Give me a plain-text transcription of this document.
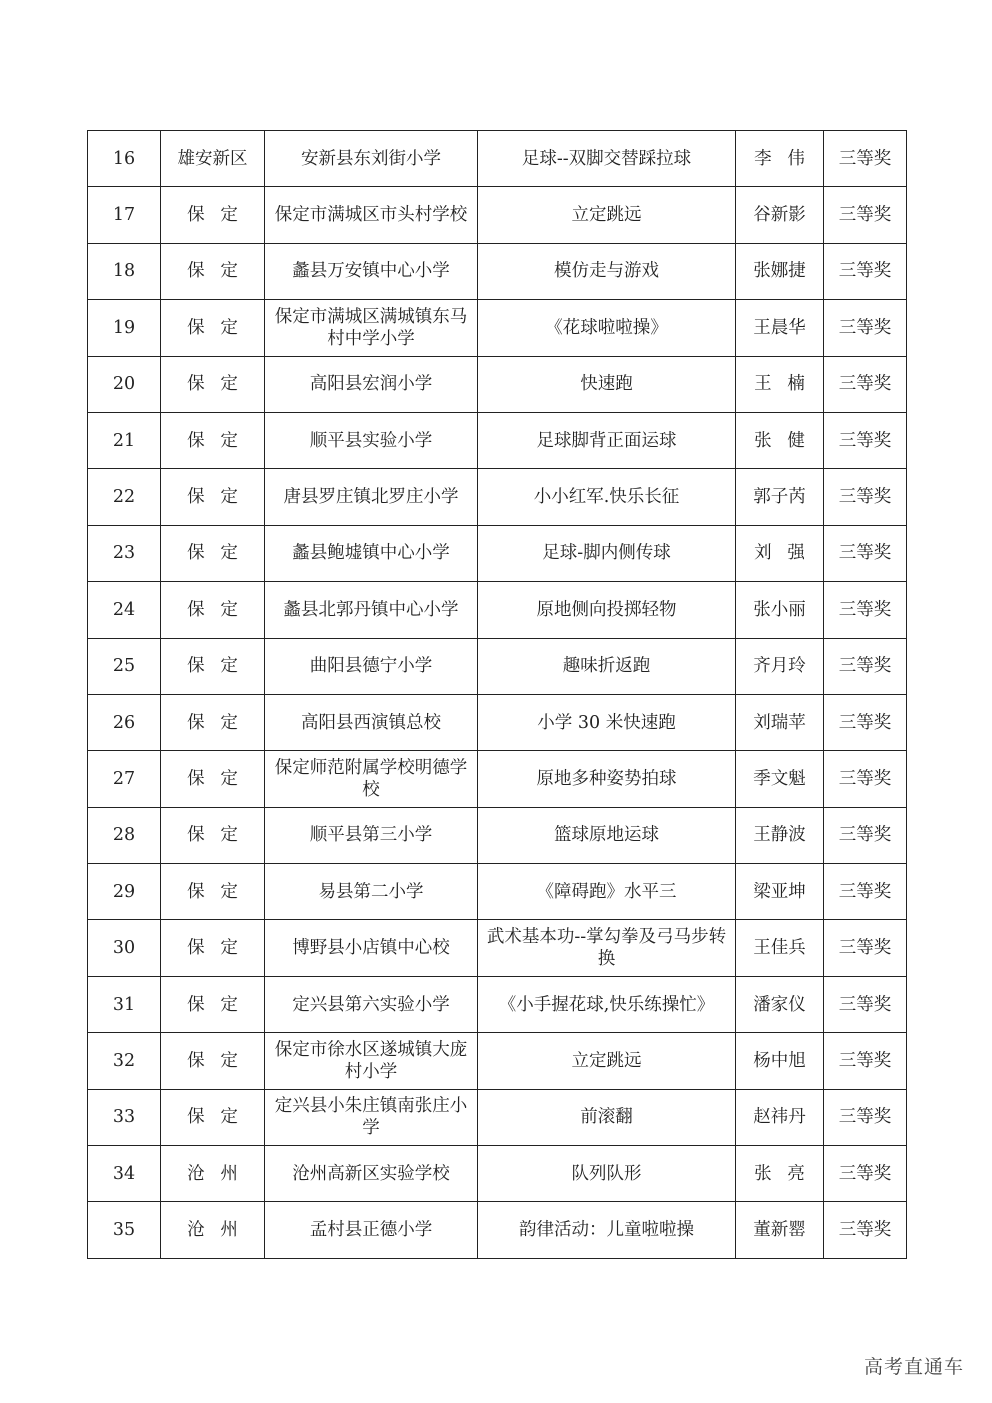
16	雄安新区	安新县东刘街小学	足球--双脚交替踩拉球	李伟	三等奖
17	保定	保定市满城区市头村学校	立定跳远	谷新影	三等奖
18	保定	蠡县万安镇中心小学	模仿走与游戏	张娜捷	三等奖
19	保定	保定市满城区满城镇东马村中学小学	《花球啦啦操》	王晨华	三等奖
20	保定	高阳县宏润小学	快速跑	王楠	三等奖
21	保定	顺平县实验小学	足球脚背正面运球	张健	三等奖
22	保定	唐县罗庄镇北罗庄小学	小小红军.快乐长征	郭子芮	三等奖
23	保定	蠡县鲍墟镇中心小学	足球-脚内侧传球	刘强	三等奖
24	保定	蠡县北郭丹镇中心小学	原地侧向投掷轻物	张小丽	三等奖
25	保定	曲阳县德宁小学	趣味折返跑	齐月玲	三等奖
26	保定	高阳县西演镇总校	小学 30 米快速跑	刘瑞苹	三等奖
27	保定	保定师范附属学校明德学校	原地多种姿势拍球	季文魁	三等奖
28	保定	顺平县第三小学	篮球原地运球	王静波	三等奖
29	保定	易县第二小学	《障碍跑》水平三	梁亚坤	三等奖
30	保定	博野县小店镇中心校	武术基本功--掌勾拳及弓马步转换	王佳兵	三等奖
31	保定	定兴县第六实验小学	《小手握花球,快乐练操忙》	潘家仪	三等奖
32	保定	保定市徐水区遂城镇大庞村小学	立定跳远	杨中旭	三等奖
33	保定	定兴县小朱庄镇南张庄小学	前滚翻	赵祎丹	三等奖
34	沧州	沧州高新区实验学校	队列队形	张亮	三等奖
35	沧州	孟村县正德小学	韵律活动：儿童啦啦操	董新罂	三等奖
高考直通车
